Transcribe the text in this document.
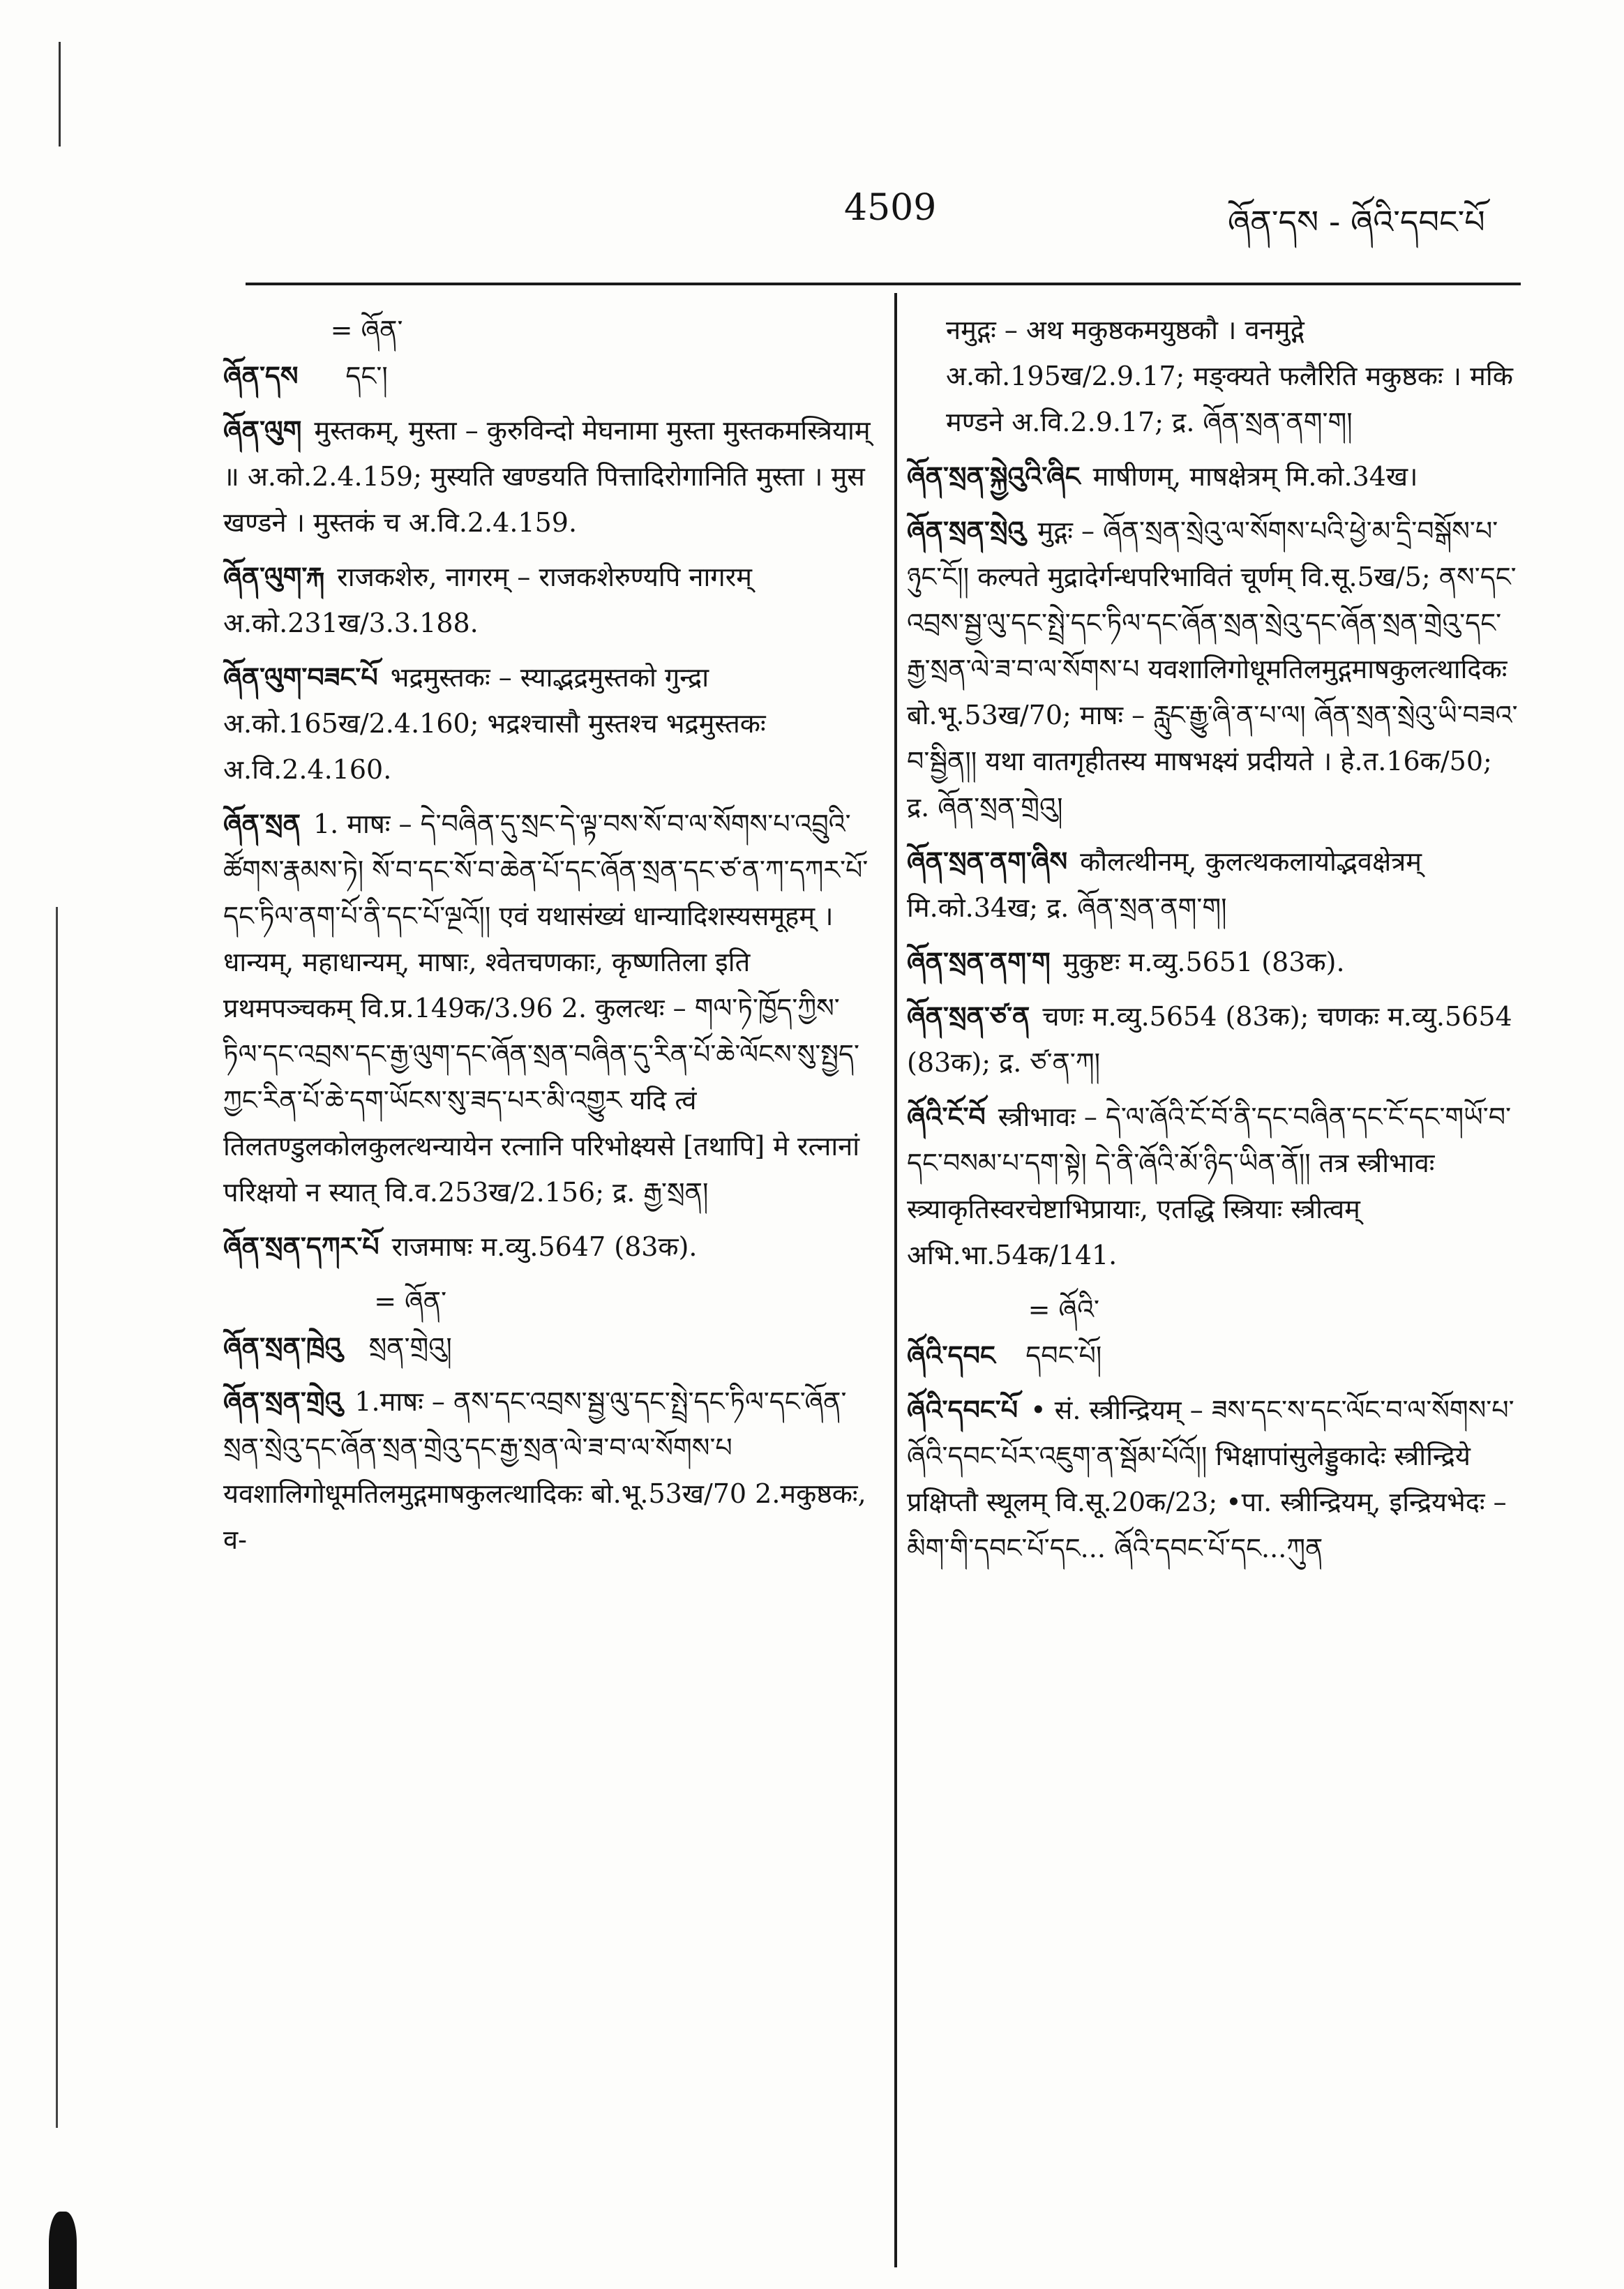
4509	ཞོན་དས - ཞོའི་དབང་པོ
ཞོན་དས= ཞོན་དང་།
ཞོན་ལུག मुस्तकम्, मुस्ता – कुरुविन्दो मेघनामा मुस्ता मुस्तकमस्त्रियाम् ॥ अ.को.2.4.159; मुस्यति खण्डयति पित्तादिरोगानिति मुस्ता । मुस खण्डने । मुस्तकं च अ.वि.2.4.159.
ཞོན་ལུག་རྐ राजकशेरु, नागरम् – राजकशेरुण्यपि नागरम् अ.को.231ख/3.3.188.
ཞོན་ལུག་བཟང་པོ भद्रमुस्तकः – स्याद्भद्रमुस्तको गुन्द्रा अ.को.165ख/2.4.160; भद्रश्चासौ मुस्तश्च भद्रमुस्तकः अ.वि.2.4.160.
ཞོན་སྲན 1. माषः – དེ་བཞིན་དུ་སྲང་དེ་ལྟ་བས་སོ་བ་ལ་སོགས་པ་འབྲུའི་ཚོགས་རྣམས་ཏེ། སོ་བ་དང་སོ་བ་ཆེན་པོ་དང་ཞོན་སྲན་དང་ཙ་ན་ཀ་དཀར་པོ་དང་ཏིལ་ནག་པོ་ནི་དང་པོ་ལྔའོ།། एवं यथासंख्यं धान्यादिशस्यसमूहम् । धान्यम्, महाधान्यम्, माषाः, श्वेतचणकाः, कृष्णतिला इति प्रथमपञ्चकम् वि.प्र.149क/3.96 2. कुलत्थः – གལ་ཏེ་ཁྱོད་ཀྱིས་ཏིལ་དང་འབྲས་དང་རྒྱ་ལུག་དང་ཞོན་སྲན་བཞིན་དུ་རིན་པོ་ཆེ་ལོངས་སུ་སྤྱད་ཀྱང་རིན་པོ་ཆེ་དག་ཡོངས་སུ་ཟད་པར་མི་འགྱུར यदि त्वं तिलतण्डुलकोलकुलत्थन्यायेन रत्नानि परिभोक्ष्यसे [तथापि] मे रत्नानां परिक्षयो न स्यात् वि.व.253ख/2.156; द्र. རྒྱ་སྲན།
ཞོན་སྲན་དཀར་པོ राजमाषः म.व्यु.5647 (83क).
ཞོན་སྲན་ཁྲེའུ= ཞོན་སྲན་གྲེའུ།
ཞོན་སྲན་གྲེའུ 1.माषः – ནས་དང་འབྲས་སྦྱ་ལུ་དང་སྤྲེ་དང་ཏིལ་དང་ཞོན་སྲན་སྲེའུ་དང་ཞོན་སྲན་གྲེའུ་དང་རྒྱ་སྲན་ལེ་ཟ་བ་ལ་སོགས་པ यवशालिगोधूमतिलमुद्गमाषकुलत्थादिकः बो.भू.53ख/70 2.मकुष्ठकः, व-
नमुद्गः – अथ मकुष्ठकमयुष्ठकौ । वनमुद्गे अ.को.195ख/2.9.17; मङ्क्यते फलैरिति मकुष्ठकः । मकि मण्डने अ.वि.2.9.17; द्र. ཞོན་སྲན་ནག་ག།
ཞོན་སྲན་སྐྱེའུའི་ཞིང माषीणम्, माषक्षेत्रम् मि.को.34ख।
ཞོན་སྲན་སྲེའུ मुद्गः – ཞོན་སྲན་སྲེའུ་ལ་སོགས་པའི་ཕྱེ་མ་དྲི་བསྒོས་པ་ཉུང་ངོ།། कल्पते मुद्रादेर्गन्धपरिभावितं चूर्णम् वि.सू.5ख/5; ནས་དང་འབྲས་སྦྱ་ལུ་དང་སྤྲེ་དང་ཏིལ་དང་ཞོན་སྲན་སྲེའུ་དང་ཞོན་སྲན་གྲེའུ་དང་རྒྱ་སྲན་ལེ་ཟ་བ་ལ་སོགས་པ यवशालिगोधूमतिलमुद्गमाषकुलत्थादिकः बो.भू.53ख/70; माषः – རླུང་རྒྱུ་ཞི་ན་པ་ལ། ཞོན་སྲན་སྲེའུ་ཡི་བཟའ་བ་སྦྱིན།། यथा वातगृहीतस्य माषभक्ष्यं प्रदीयते । हे.त.16क/50; द्र. ཞོན་སྲན་གྲེའུ།
ཞོན་སྲན་ནག་ཞིས कौलत्थीनम्, कुलत्थकलायोद्भवक्षेत्रम् मि.को.34ख; द्र. ཞོན་སྲན་ནག་ག།
ཞོན་སྲན་ནག་ག मुकुष्टः म.व्यु.5651 (83क).
ཞོན་སྲན་ཙ་ན चणः म.व्यु.5654 (83क); चणकः म.व्यु.5654 (83क); द्र. ཙ་ན་ཀ།
ཞོའི་ངོ་བོ स्त्रीभावः – དེ་ལ་ཞོའི་ངོ་བོ་ནི་དང་བཞིན་དང་ངོ་དང་གཡོ་བ་དང་བསམ་པ་དག་སྟེ། དེ་ནི་ཞོའི་མོ་ཉིད་ཡིན་ནོ།། तत्र स्त्रीभावः स्त्र्याकृतिस्वरचेष्टाभिप्रायाः, एतद्धि स्त्रियाः स्त्रीत्वम् अभि.भा.54क/141.
ཞོའི་དབང= ཞོའི་དབང་པོ།
ཞོའི་དབང་པོ • सं. स्त्रीन्द्रियम् – ཟས་དང་ས་དང་ལོང་བ་ལ་སོགས་པ་ཞོའི་དབང་པོར་འཇུག་ན་སྦོམ་པོའོ།། भिक्षापांसुलेड्डुकादेः स्त्रीन्द्रिये प्रक्षिप्तौ स्थूलम् वि.सू.20क/23; •पा. स्त्रीन्द्रियम्, इन्द्रियभेदः – མིག་གི་དབང་པོ་དང... ཞོའི་དབང་པོ་དང...ཀུན
